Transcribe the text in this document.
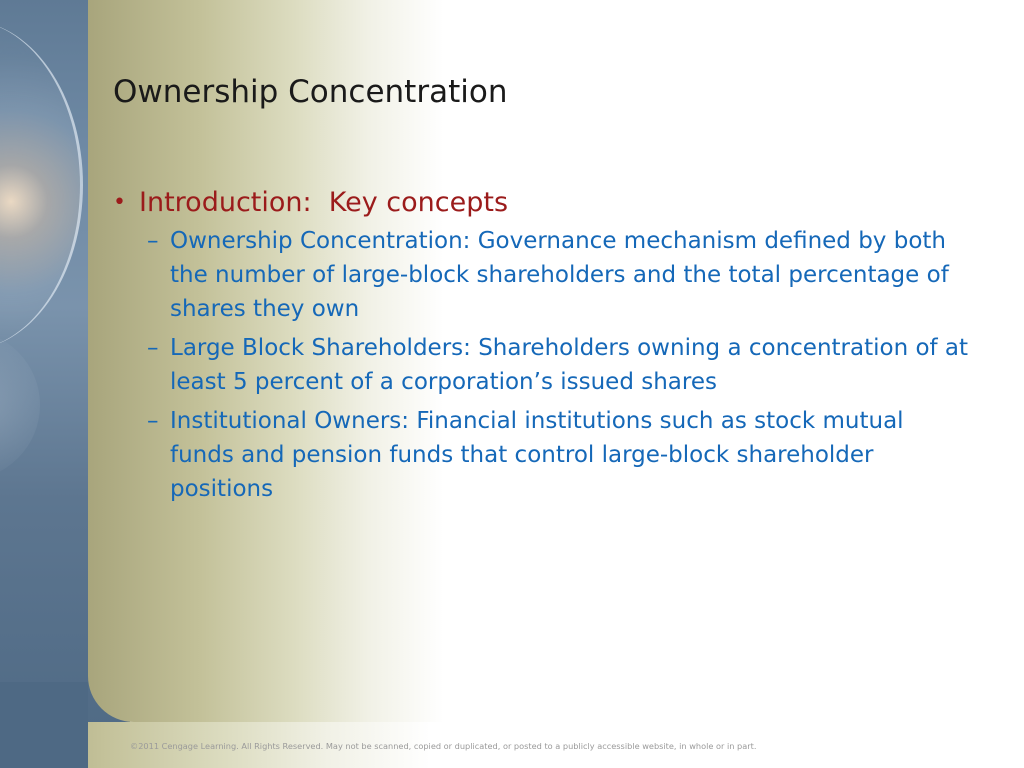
Ownership Concentration
• Introduction:  Key concepts
– Ownership Concentration: Governance mechanism defined by both the number of large-block shareholders and the total percentage of shares they own
– Large Block Shareholders: Shareholders owning a concentration of at least 5 percent of a corporation’s issued shares
– Institutional Owners: Financial institutions such as stock mutual funds and pension funds that control large-block shareholder positions
©2011 Cengage Learning. All Rights Reserved. May not be scanned, copied or duplicated, or posted to a publicly accessible website, in whole or in part.
